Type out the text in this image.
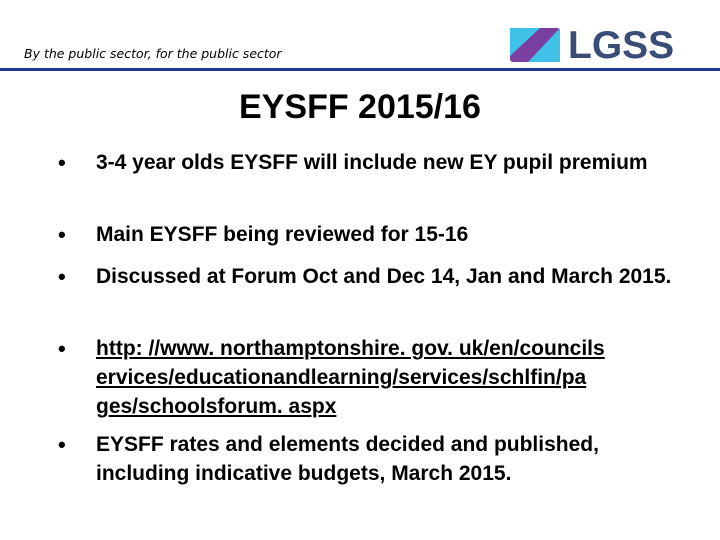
By the public sector, for the public sector	LGSS
EYSFF 2015/16
• 3-4 year olds EYSFF will include new EY pupil premium
• Main EYSFF being reviewed for 15-16
• Discussed at Forum Oct and Dec 14, Jan and March 2015.
• http: //www. northamptonshire. gov. uk/en/councils ervices/educationandlearning/services/schlfin/pa ges/schoolsforum. aspx
• EYSFF rates and elements decided and published, including indicative budgets, March 2015.
